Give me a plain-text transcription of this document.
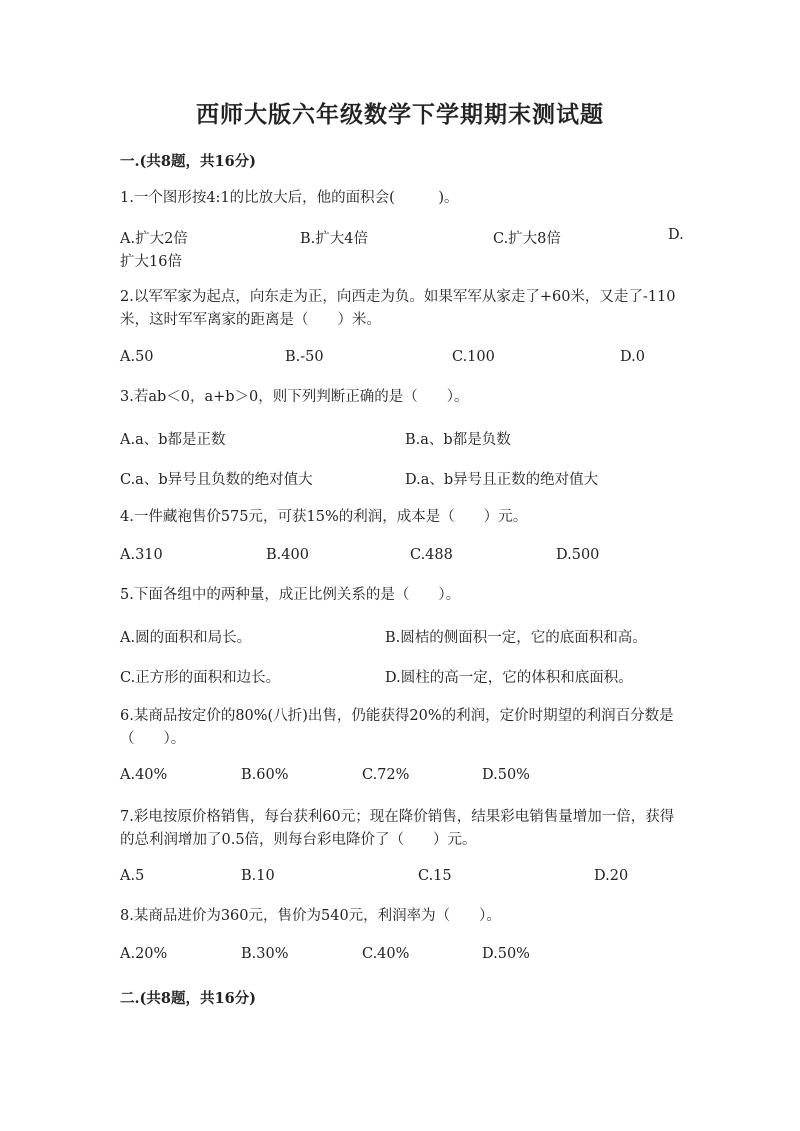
西师大版六年级数学下学期期末测试题
一.(共8题，共16分)
1.一个图形按4:1的比放大后，他的面积会(　　　)。
A.扩大2倍	B.扩大4倍	C.扩大8倍	D.
扩大16倍
2.以军军家为起点，向东走为正，向西走为负。如果军军从家走了+60米，又走了-110米，这时军军离家的距离是（　　）米。
A.50	B.-50	C.100	D.0
3.若ab＜0，a+b＞0，则下列判断正确的是（　　）。
A.a、b都是正数	B.a、b都是负数
C.a、b异号且负数的绝对值大	D.a、b异号且正数的绝对值大
4.一件藏袍售价575元，可获15%的利润，成本是（　　）元。
A.310	B.400	C.488	D.500
5.下面各组中的两种量，成正比例关系的是（　　）。
A.圆的面积和局长。	B.圆桔的侧面积一定，它的底面积和高。
C.正方形的面积和边长。	D.圆柱的高一定，它的体积和底面积。
6.某商品按定价的80%(八折)出售，仍能获得20%的利润，定价时期望的利润百分数是（　　）。
A.40%	B.60%	C.72%	D.50%
7.彩电按原价格销售，每台获利60元；现在降价销售，结果彩电销售量增加一倍，获得的总利润增加了0.5倍，则每台彩电降价了（　　）元。
A.5	B.10	C.15	D.20
8.某商品进价为360元，售价为540元，利润率为（　　）。
A.20%	B.30%	C.40%	D.50%
二.(共8题，共16分)
